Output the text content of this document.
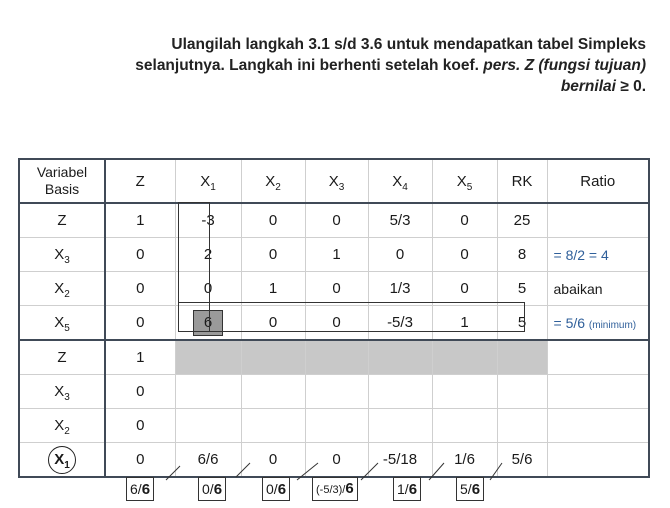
Ulangilah langkah 3.1 s/d 3.6 untuk mendapatkan tabel Simpleks
selanjutnya. Langkah ini berhenti setelah koef. pers. Z (fungsi tujuan)
bernilai ≥ 0.
Variabel Basis	Z	$X_1$	$X_2$	$X_3$	$X_4$	$X_5$	RK	Ratio
Z	1	-3	0	0	5/3	0	25	
$X_3$	0	2	0	1	0	0	8	= 8/2 = 4
$X_2$	0	0	1	0	1/3	0	5	abaikan
$X_5$	0	6	0	0	-5/3	1	5	= 5/6 (minimum)
Z	1							
$X_3$	0							
$X_2$	0							
$X_1$	0	6/6	0	0	-5/18	1/6	5/6	
6/6	0/6	0/6	(-5/3)/6	1/6	5/6
